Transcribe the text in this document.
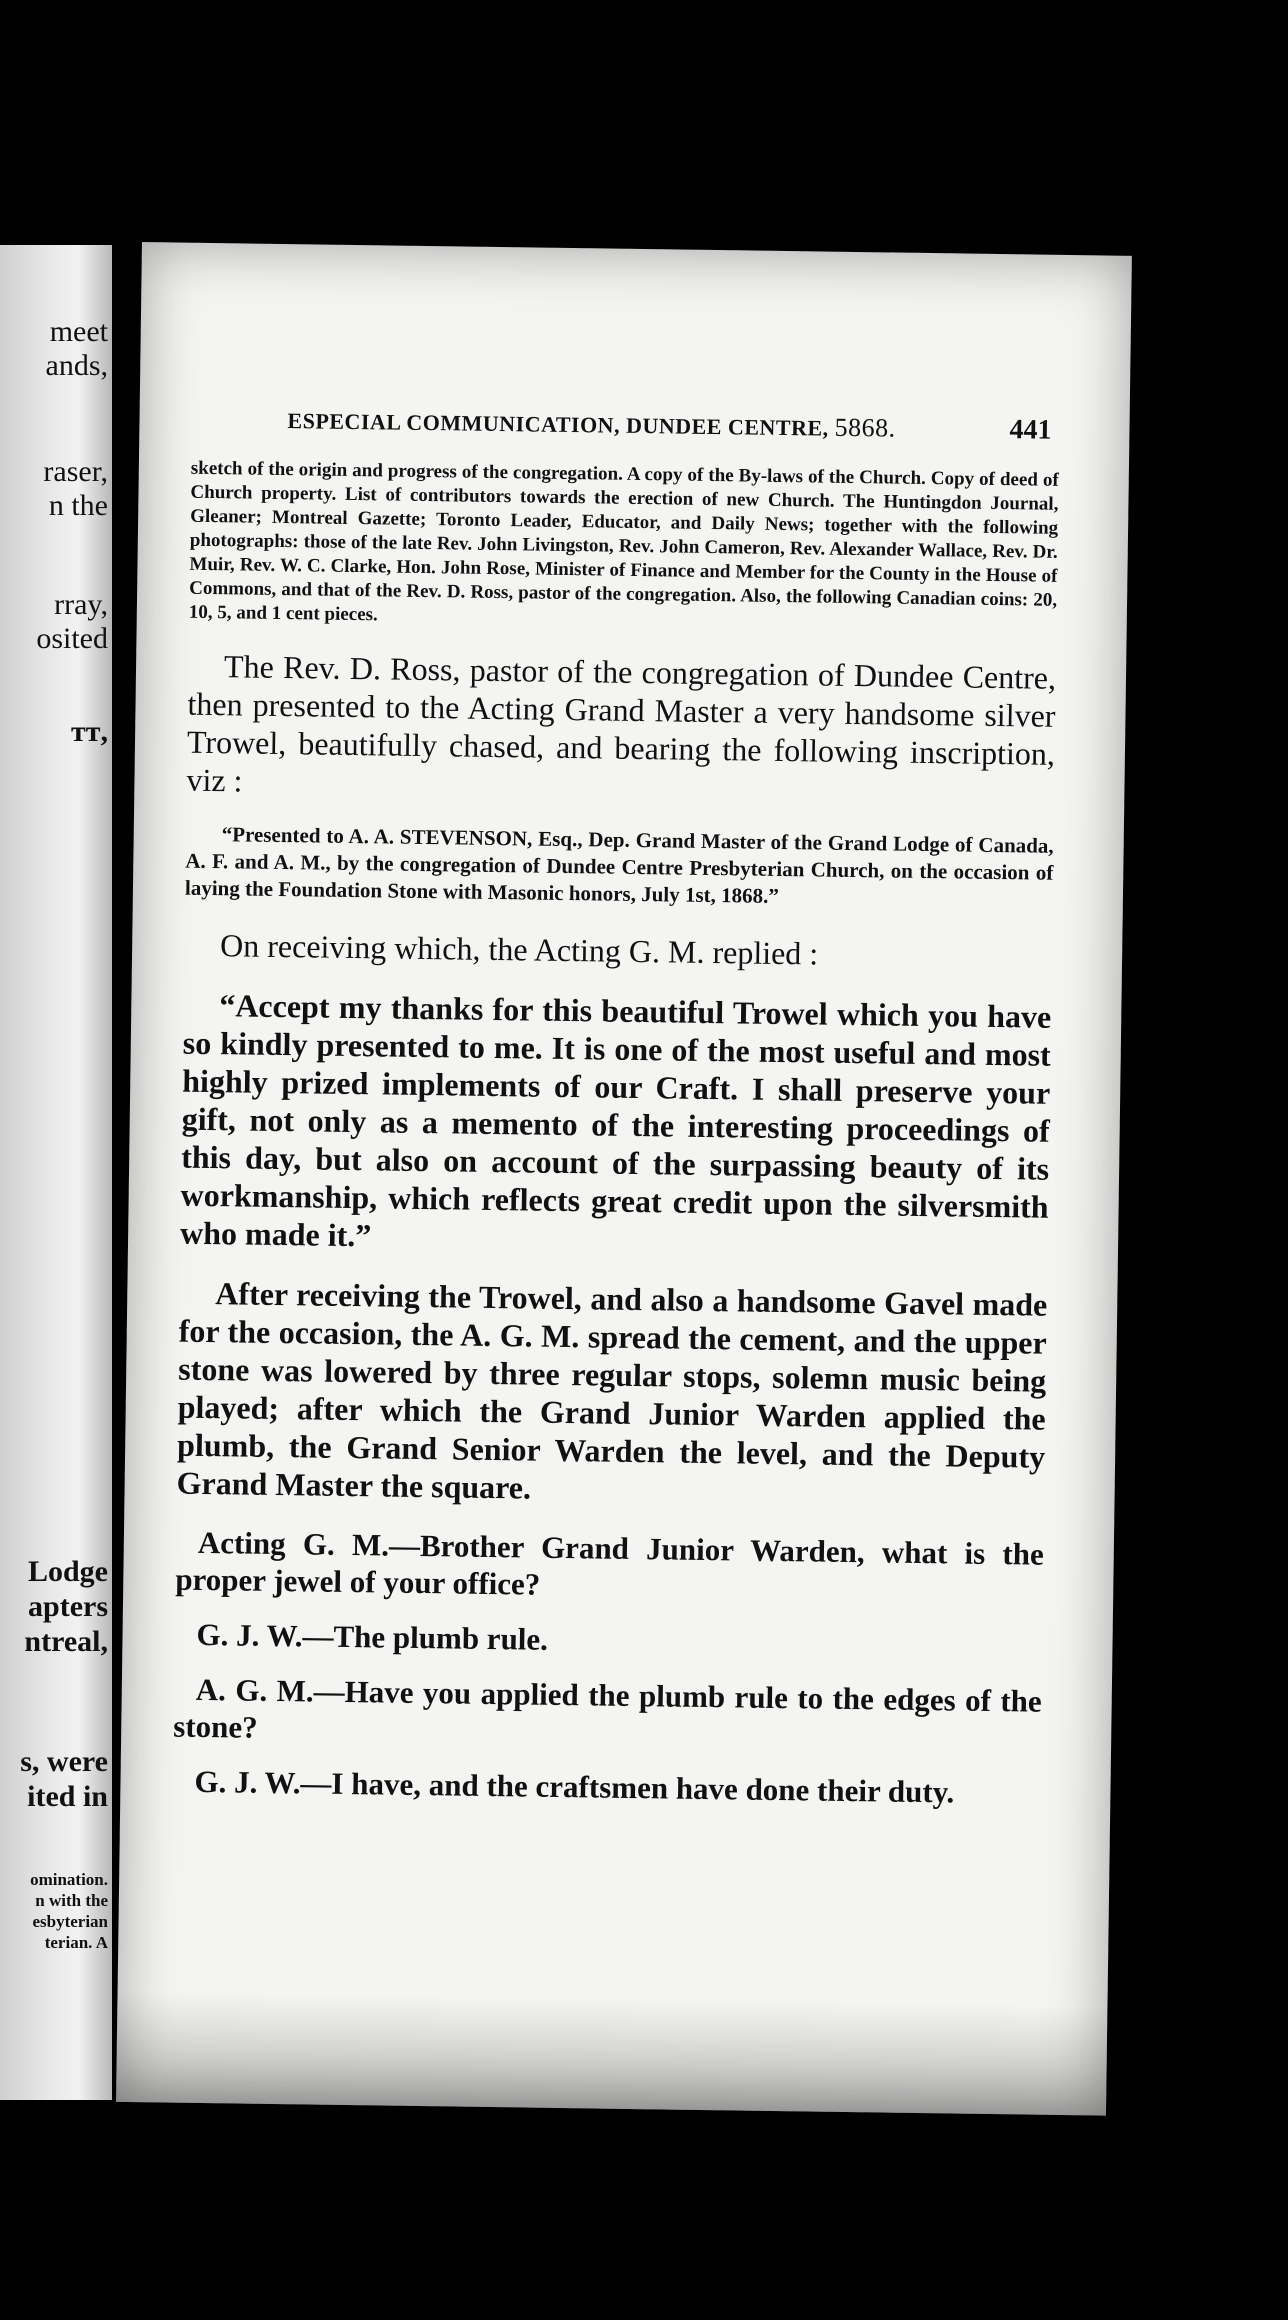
meet
ands,
raser,
n the
rray,
osited
ᴛᴛ,
Lodge
apters
ntreal,
s, were
ited in
omination.
n with the
esbyterian
terian. A
ESPECIAL COMMUNICATION, DUNDEE CENTRE, 5868.	441

sketch of the origin and progress of the congregation. A copy of the By-laws of the Church. Copy of deed of Church property. List of contributors towards the erection of new Church. The Huntingdon Journal, Gleaner; Montreal Gazette; Toronto Leader, Educator, and Daily News; together with the following photographs: those of the late Rev. John Livingston, Rev. John Cameron, Rev. Alexander Wallace, Rev. Dr. Muir, Rev. W. C. Clarke, Hon. John Rose, Minister of Finance and Member for the County in the House of Commons, and that of the Rev. D. Ross, pastor of the congregation. Also, the following Canadian coins: 20, 10, 5, and 1 cent pieces.

The Rev. D. Ross, pastor of the congregation of Dundee Centre, then presented to the Acting Grand Master a very handsome silver Trowel, beautifully chased, and bearing the following inscription, viz :

“Presented to A. A. STEVENSON, Esq., Dep. Grand Master of the Grand Lodge of Canada, A. F. and A. M., by the congregation of Dundee Centre Presbyterian Church, on the occasion of laying the Foundation Stone with Masonic honors, July 1st, 1868.”

On receiving which, the Acting G. M. replied :

“Accept my thanks for this beautiful Trowel which you have so kindly presented to me. It is one of the most useful and most highly prized implements of our Craft. I shall preserve your gift, not only as a memento of the interesting proceedings of this day, but also on account of the surpassing beauty of its workmanship, which reflects great credit upon the silversmith who made it.”

After receiving the Trowel, and also a handsome Gavel made for the occasion, the A. G. M. spread the cement, and the upper stone was lowered by three regular stops, solemn music being played; after which the Grand Junior Warden applied the plumb, the Grand Senior Warden the level, and the Deputy Grand Master the square.

Acting G. M.—Brother Grand Junior Warden, what is the proper jewel of your office?

G. J. W.—The plumb rule.

A. G. M.—Have you applied the plumb rule to the edges of the stone?

G. J. W.—I have, and the craftsmen have done their duty.
